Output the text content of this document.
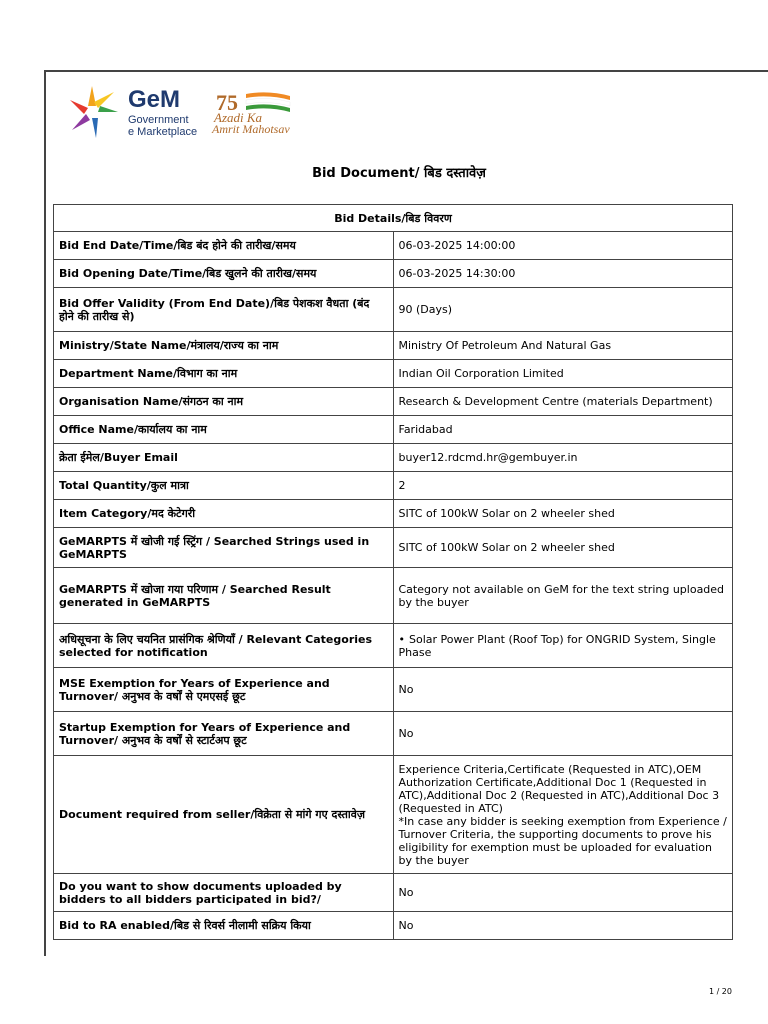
GeM
Government
e Marketplace
75
Azadi Ka
Amrit Mahotsav
Bid Document/ बिड दस्तावेज़
Bid Details/बिड विवरण	
Bid End Date/Time/बिड बंद होने की तारीख/समय	06-03-2025 14:00:00
Bid Opening Date/Time/बिड खुलने की तारीख/समय	06-03-2025 14:30:00
Bid Offer Validity (From End Date)/बिड पेशकश वैधता (बंद होने की तारीख से)	90 (Days)
Ministry/State Name/मंत्रालय/राज्य का नाम	Ministry Of Petroleum And Natural Gas
Department Name/विभाग का नाम	Indian Oil Corporation Limited
Organisation Name/संगठन का नाम	Research & Development Centre (materials Department)
Office Name/कार्यालय का नाम	Faridabad
क्रेता ईमेल/Buyer Email	buyer12.rdcmd.hr@gembuyer.in
Total Quantity/कुल मात्रा	2
Item Category/मद केटेगरी	SITC of 100kW Solar on 2 wheeler shed
GeMARPTS में खोजी गई स्ट्रिंग / Searched Strings used in GeMARPTS	SITC of 100kW Solar on 2 wheeler shed
GeMARPTS में खोजा गया परिणाम / Searched Result generated in GeMARPTS	Category not available on GeM for the text string uploaded by the buyer
अधिसूचना के लिए चयनित प्रासंगिक श्रेणियाँ / Relevant Categories selected for notification	• Solar Power Plant (Roof Top) for ONGRID System, Single Phase
MSE Exemption for Years of Experience and Turnover/ अनुभव के वर्षों से एमएसई छूट	No
Startup Exemption for Years of Experience and Turnover/ अनुभव के वर्षों से स्टार्टअप छूट	No
Document required from seller/विक्रेता से मांगे गए दस्तावेज़	Experience Criteria,Certificate (Requested in ATC),OEM Authorization Certificate,Additional Doc 1 (Requested in ATC),Additional Doc 2 (Requested in ATC),Additional Doc 3 (Requested in ATC)
*In case any bidder is seeking exemption from Experience / Turnover Criteria, the supporting documents to prove his eligibility for exemption must be uploaded for evaluation by the buyer

Do you want to show documents uploaded by bidders to all bidders participated in bid?/	No
Bid to RA enabled/बिड से रिवर्स नीलामी सक्रिय किया	No
1 / 20
